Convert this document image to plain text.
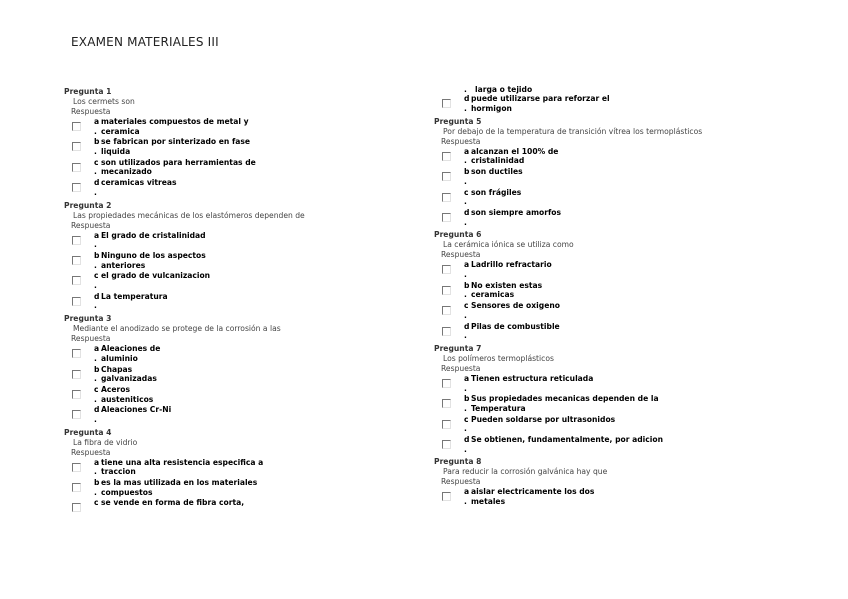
EXAMEN MATERIALES III
Pregunta 1
Los cermets son
Respuesta
a materiales compuestos de metal y
. ceramica
b se fabrican por sinterizado en fase
. liquida
c son utilizados para herramientas de
. mecanizado
d ceramicas vitreas
.
Pregunta 2
Las propiedades mecánicas de los elastómeros dependen de
Respuesta
a El grado de cristalinidad
.
b Ninguno de los aspectos
. anteriores
c el grado de vulcanizacion
.
d La temperatura
.
Pregunta 3
Mediante el anodizado se protege de la corrosión a las
Respuesta
a Aleaciones de
. aluminio
b Chapas
. galvanizadas
c Aceros
. austeniticos
d Aleaciones Cr-Ni
.
Pregunta 4
La fibra de vidrio
Respuesta
a tiene una alta resistencia especifica a
. traccion
b es la mas utilizada en los materiales
. compuestos
c se vende en forma de fibra corta,
. larga o tejido
d puede utilizarse para reforzar el
. hormigon
Pregunta 5
Por debajo de la temperatura de transición vítrea los termoplásticos
Respuesta
a alcanzan el 100% de
. cristalinidad
b son ductiles
.
c son frágiles
.
d son siempre amorfos
.
Pregunta 6
La cerámica iónica se utiliza como
Respuesta
a Ladrillo refractario
.
b No existen estas
. ceramicas
c Sensores de oxigeno
.
d Pilas de combustible
.
Pregunta 7
Los polímeros termoplásticos
Respuesta
a Tienen estructura reticulada
.
b Sus propiedades mecanicas dependen de la
. Temperatura
c Pueden soldarse por ultrasonidos
.
d Se obtienen, fundamentalmente, por adicion
.
Pregunta 8
Para reducir la corrosión galvánica hay que
Respuesta
a aislar electricamente los dos
. metales
